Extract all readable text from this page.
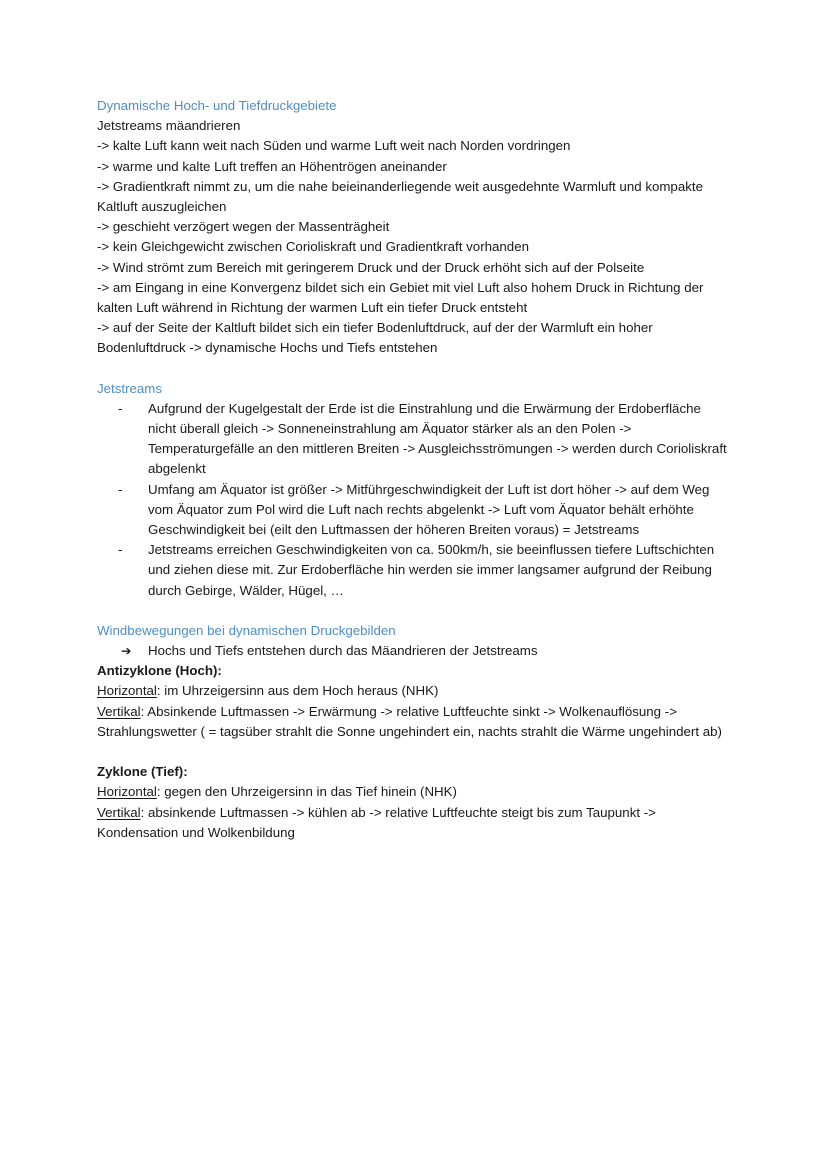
Dynamische Hoch- und Tiefdruckgebiete

Jetstreams mäandrieren

-> kalte Luft kann weit nach Süden und warme Luft weit nach Norden vordringen

-> warme und kalte Luft treffen an Höhentrögen aneinander

-> Gradientkraft nimmt zu, um die nahe beieinanderliegende weit ausgedehnte Warmluft und kompakte Kaltluft auszugleichen

-> geschieht verzögert wegen der Massenträgheit

-> kein Gleichgewicht zwischen Corioliskraft und Gradientkraft vorhanden

-> Wind strömt zum Bereich mit geringerem Druck und der Druck erhöht sich auf der Polseite

-> am Eingang in eine Konvergenz bildet sich ein Gebiet mit viel Luft also hohem Druck in Richtung der kalten Luft während in Richtung der warmen Luft ein tiefer Druck entsteht

-> auf der Seite der Kaltluft bildet sich ein tiefer Bodenluftdruck, auf der der Warmluft ein hoher Bodenluftdruck -> dynamische Hochs und Tiefs entstehen

Jetstreams
- Aufgrund der Kugelgestalt der Erde ist die Einstrahlung und die Erwärmung der Erdoberfläche nicht überall gleich -> Sonneneinstrahlung am Äquator stärker als an den Polen -> Temperaturgefälle an den mittleren Breiten -> Ausgleichsströmungen -> werden durch Corioliskraft abgelenkt
- Umfang am Äquator ist größer -> Mitführgeschwindigkeit der Luft ist dort höher -> auf dem Weg vom Äquator zum Pol wird die Luft nach rechts abgelenkt -> Luft vom Äquator behält erhöhte Geschwindigkeit bei (eilt den Luftmassen der höheren Breiten voraus) = Jetstreams
- Jetstreams erreichen Geschwindigkeiten von ca. 500km/h, sie beeinflussen tiefere Luftschichten und ziehen diese mit. Zur Erdoberfläche hin werden sie immer langsamer aufgrund der Reibung durch Gebirge, Wälder, Hügel, …
Windbewegungen bei dynamischen Druckgebilden
➔ Hochs und Tiefs entstehen durch das Mäandrieren der Jetstreams

Antizyklone (Hoch):

Horizontal: im Uhrzeigersinn aus dem Hoch heraus (NHK)

Vertikal: Absinkende Luftmassen -> Erwärmung -> relative Luftfeuchte sinkt -> Wolkenauflösung -> Strahlungswetter ( = tagsüber strahlt die Sonne ungehindert ein, nachts strahlt die Wärme ungehindert ab)

Zyklone (Tief):

Horizontal: gegen den Uhrzeigersinn in das Tief hinein (NHK)

Vertikal: absinkende Luftmassen -> kühlen ab -> relative Luftfeuchte steigt bis zum Taupunkt -> Kondensation und Wolkenbildung
